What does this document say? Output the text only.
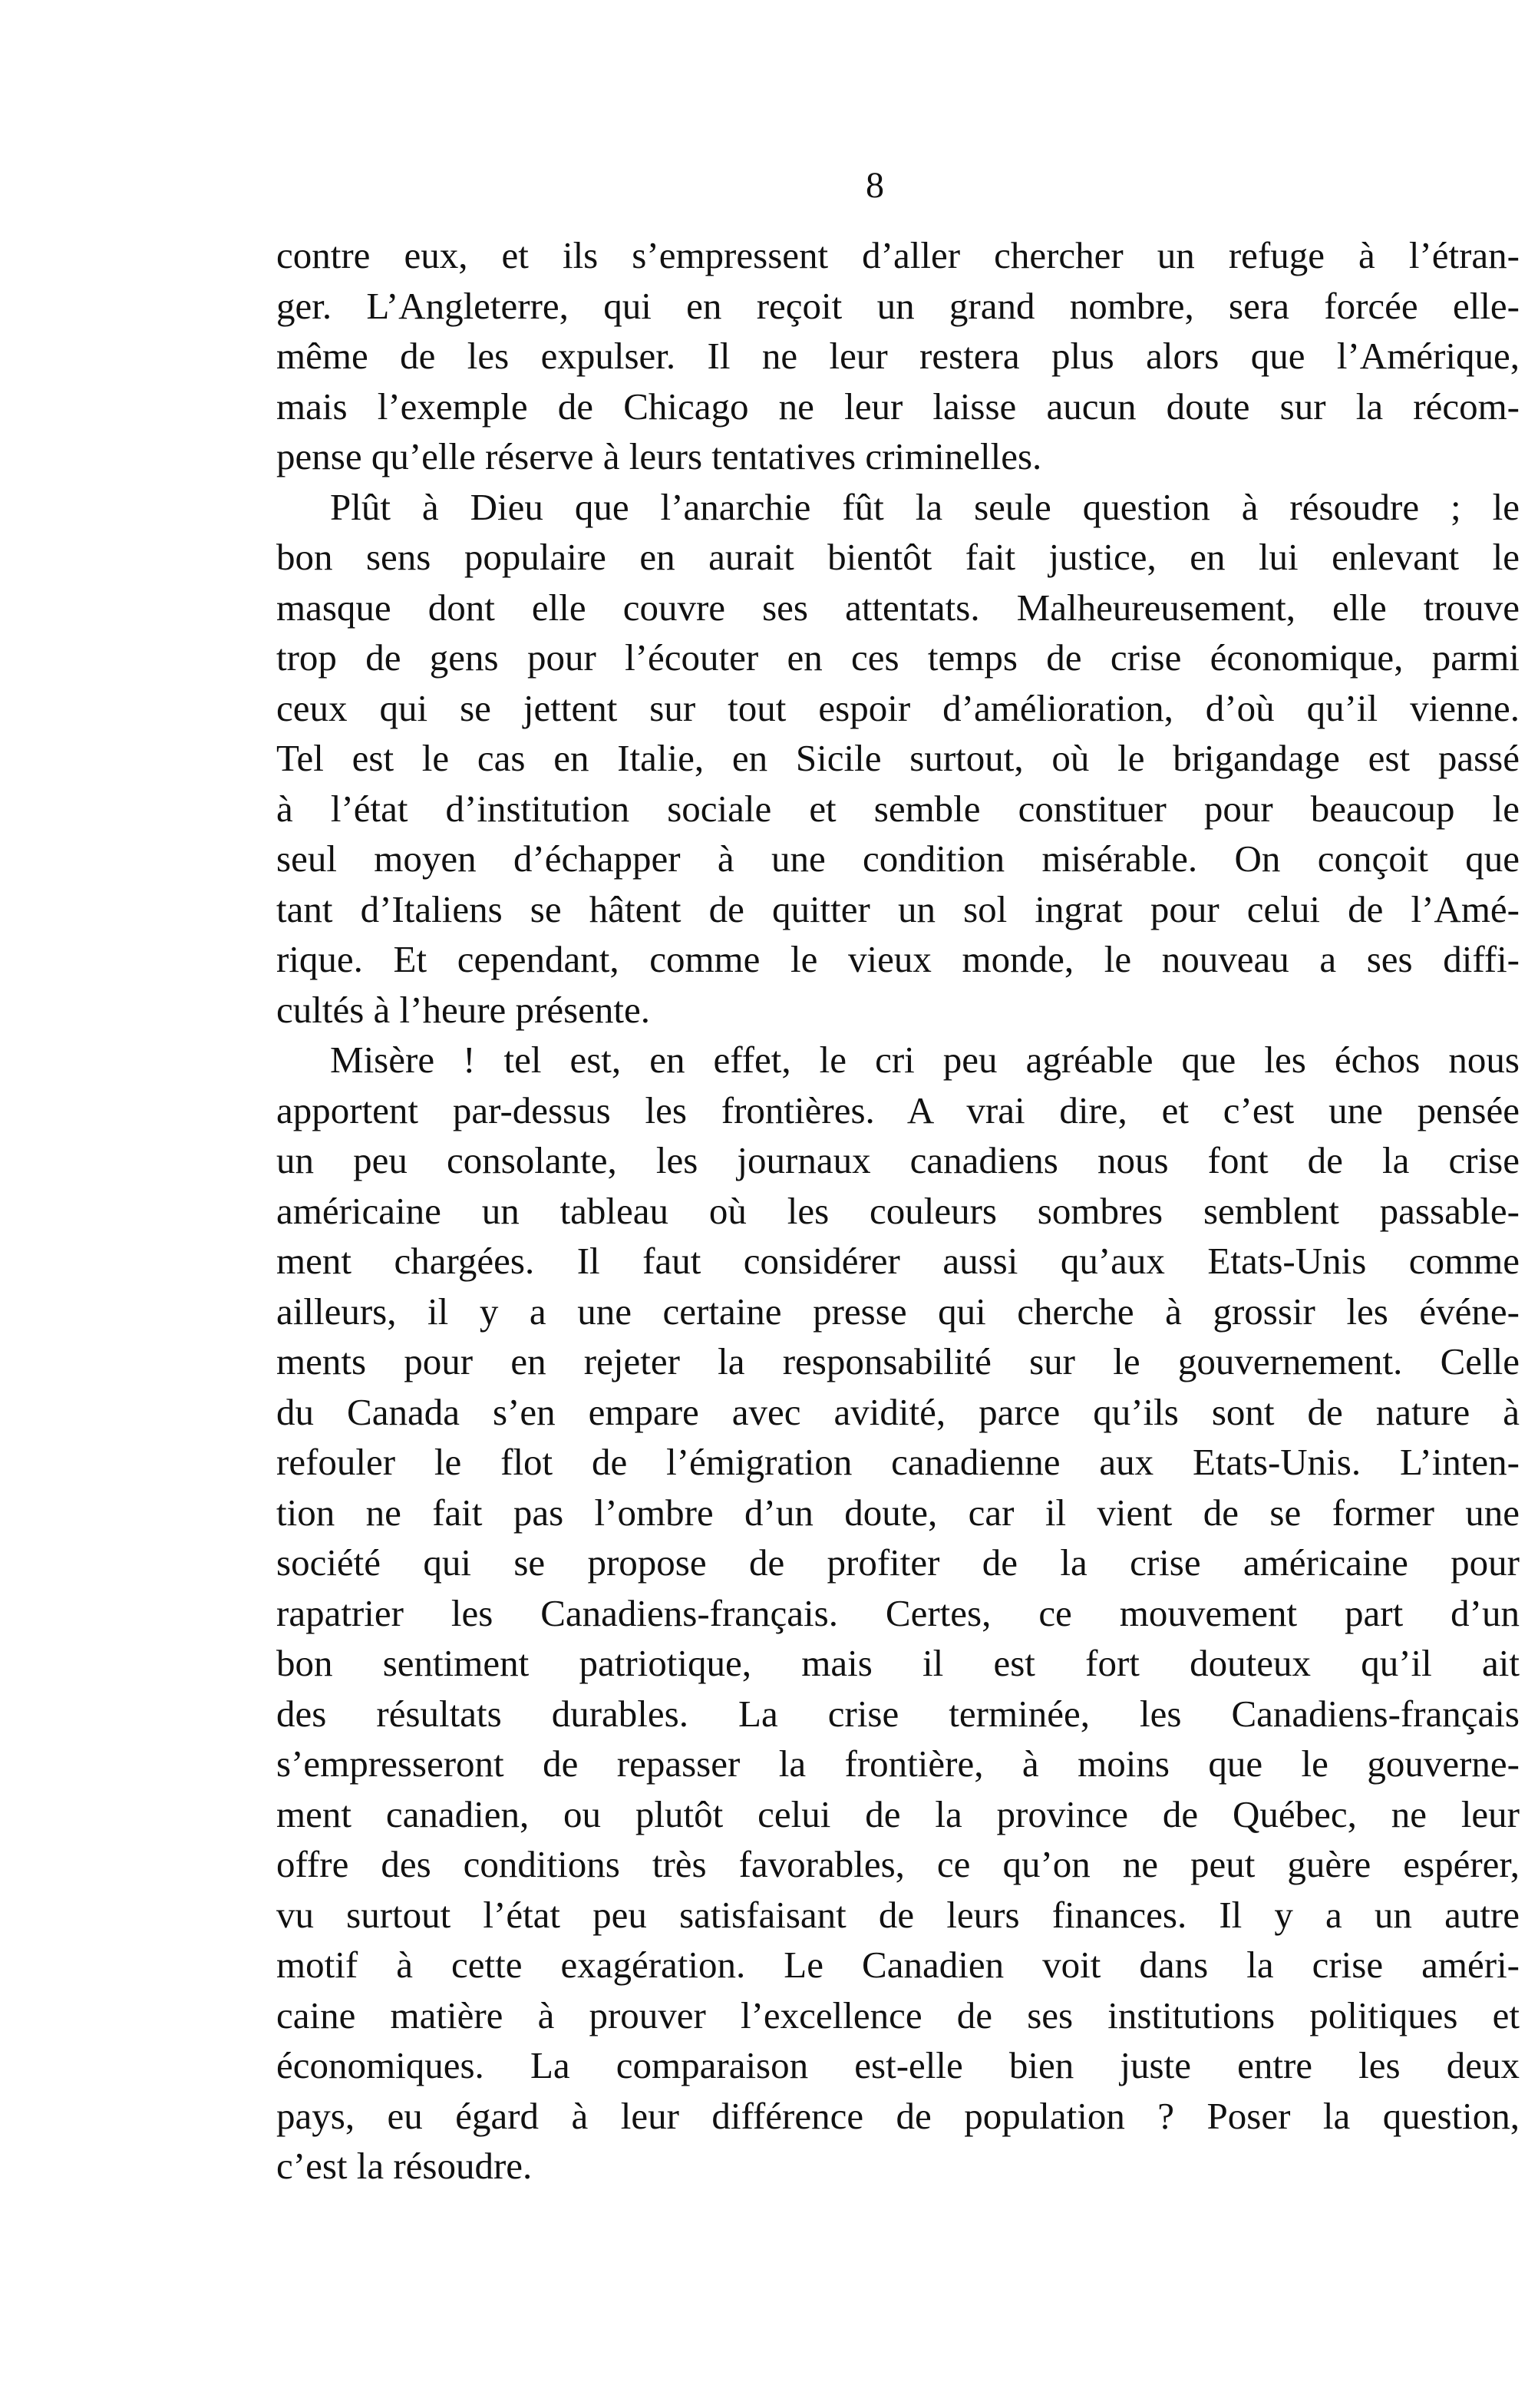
8
contre eux, et ils s’empressent d’aller chercher un refuge à l’étran-
ger. L’Angleterre, qui en reçoit un grand nombre, sera forcée elle-
même de les expulser. Il ne leur restera plus alors que l’Amérique,
mais l’exemple de Chicago ne leur laisse aucun doute sur la récom-
pense qu’elle réserve à leurs tentatives criminelles.
Plût à Dieu que l’anarchie fût la seule question à résoudre ; le
bon sens populaire en aurait bientôt fait justice, en lui enlevant le
masque dont elle couvre ses attentats. Malheureusement, elle trouve
trop de gens pour l’écouter en ces temps de crise économique, parmi
ceux qui se jettent sur tout espoir d’amélioration, d’où qu’il vienne.
Tel est le cas en Italie, en Sicile surtout, où le brigandage est passé
à l’état d’institution sociale et semble constituer pour beaucoup le
seul moyen d’échapper à une condition misérable. On conçoit que
tant d’Italiens se hâtent de quitter un sol ingrat pour celui de l’Amé-
rique. Et cependant, comme le vieux monde, le nouveau a ses diffi-
cultés à l’heure présente.
Misère ! tel est, en effet, le cri peu agréable que les échos nous
apportent par-dessus les frontières. A vrai dire, et c’est une pensée
un peu consolante, les journaux canadiens nous font de la crise
américaine un tableau où les couleurs sombres semblent passable-
ment chargées. Il faut considérer aussi qu’aux Etats-Unis comme
ailleurs, il y a une certaine presse qui cherche à grossir les événe-
ments pour en rejeter la responsabilité sur le gouvernement. Celle
du Canada s’en empare avec avidité, parce qu’ils sont de nature à
refouler le flot de l’émigration canadienne aux Etats-Unis. L’inten-
tion ne fait pas l’ombre d’un doute, car il vient de se former une
société qui se propose de profiter de la crise américaine pour
rapatrier les Canadiens-français. Certes, ce mouvement part d’un
bon sentiment patriotique, mais il est fort douteux qu’il ait
des résultats durables. La crise terminée, les Canadiens-français
s’empresseront de repasser la frontière, à moins que le gouverne-
ment canadien, ou plutôt celui de la province de Québec, ne leur
offre des conditions très favorables, ce qu’on ne peut guère espérer,
vu surtout l’état peu satisfaisant de leurs finances. Il y a un autre
motif à cette exagération. Le Canadien voit dans la crise améri-
caine matière à prouver l’excellence de ses institutions politiques et
économiques. La comparaison est-elle bien juste entre les deux
pays, eu égard à leur différence de population ? Poser la question,
c’est la résoudre.
